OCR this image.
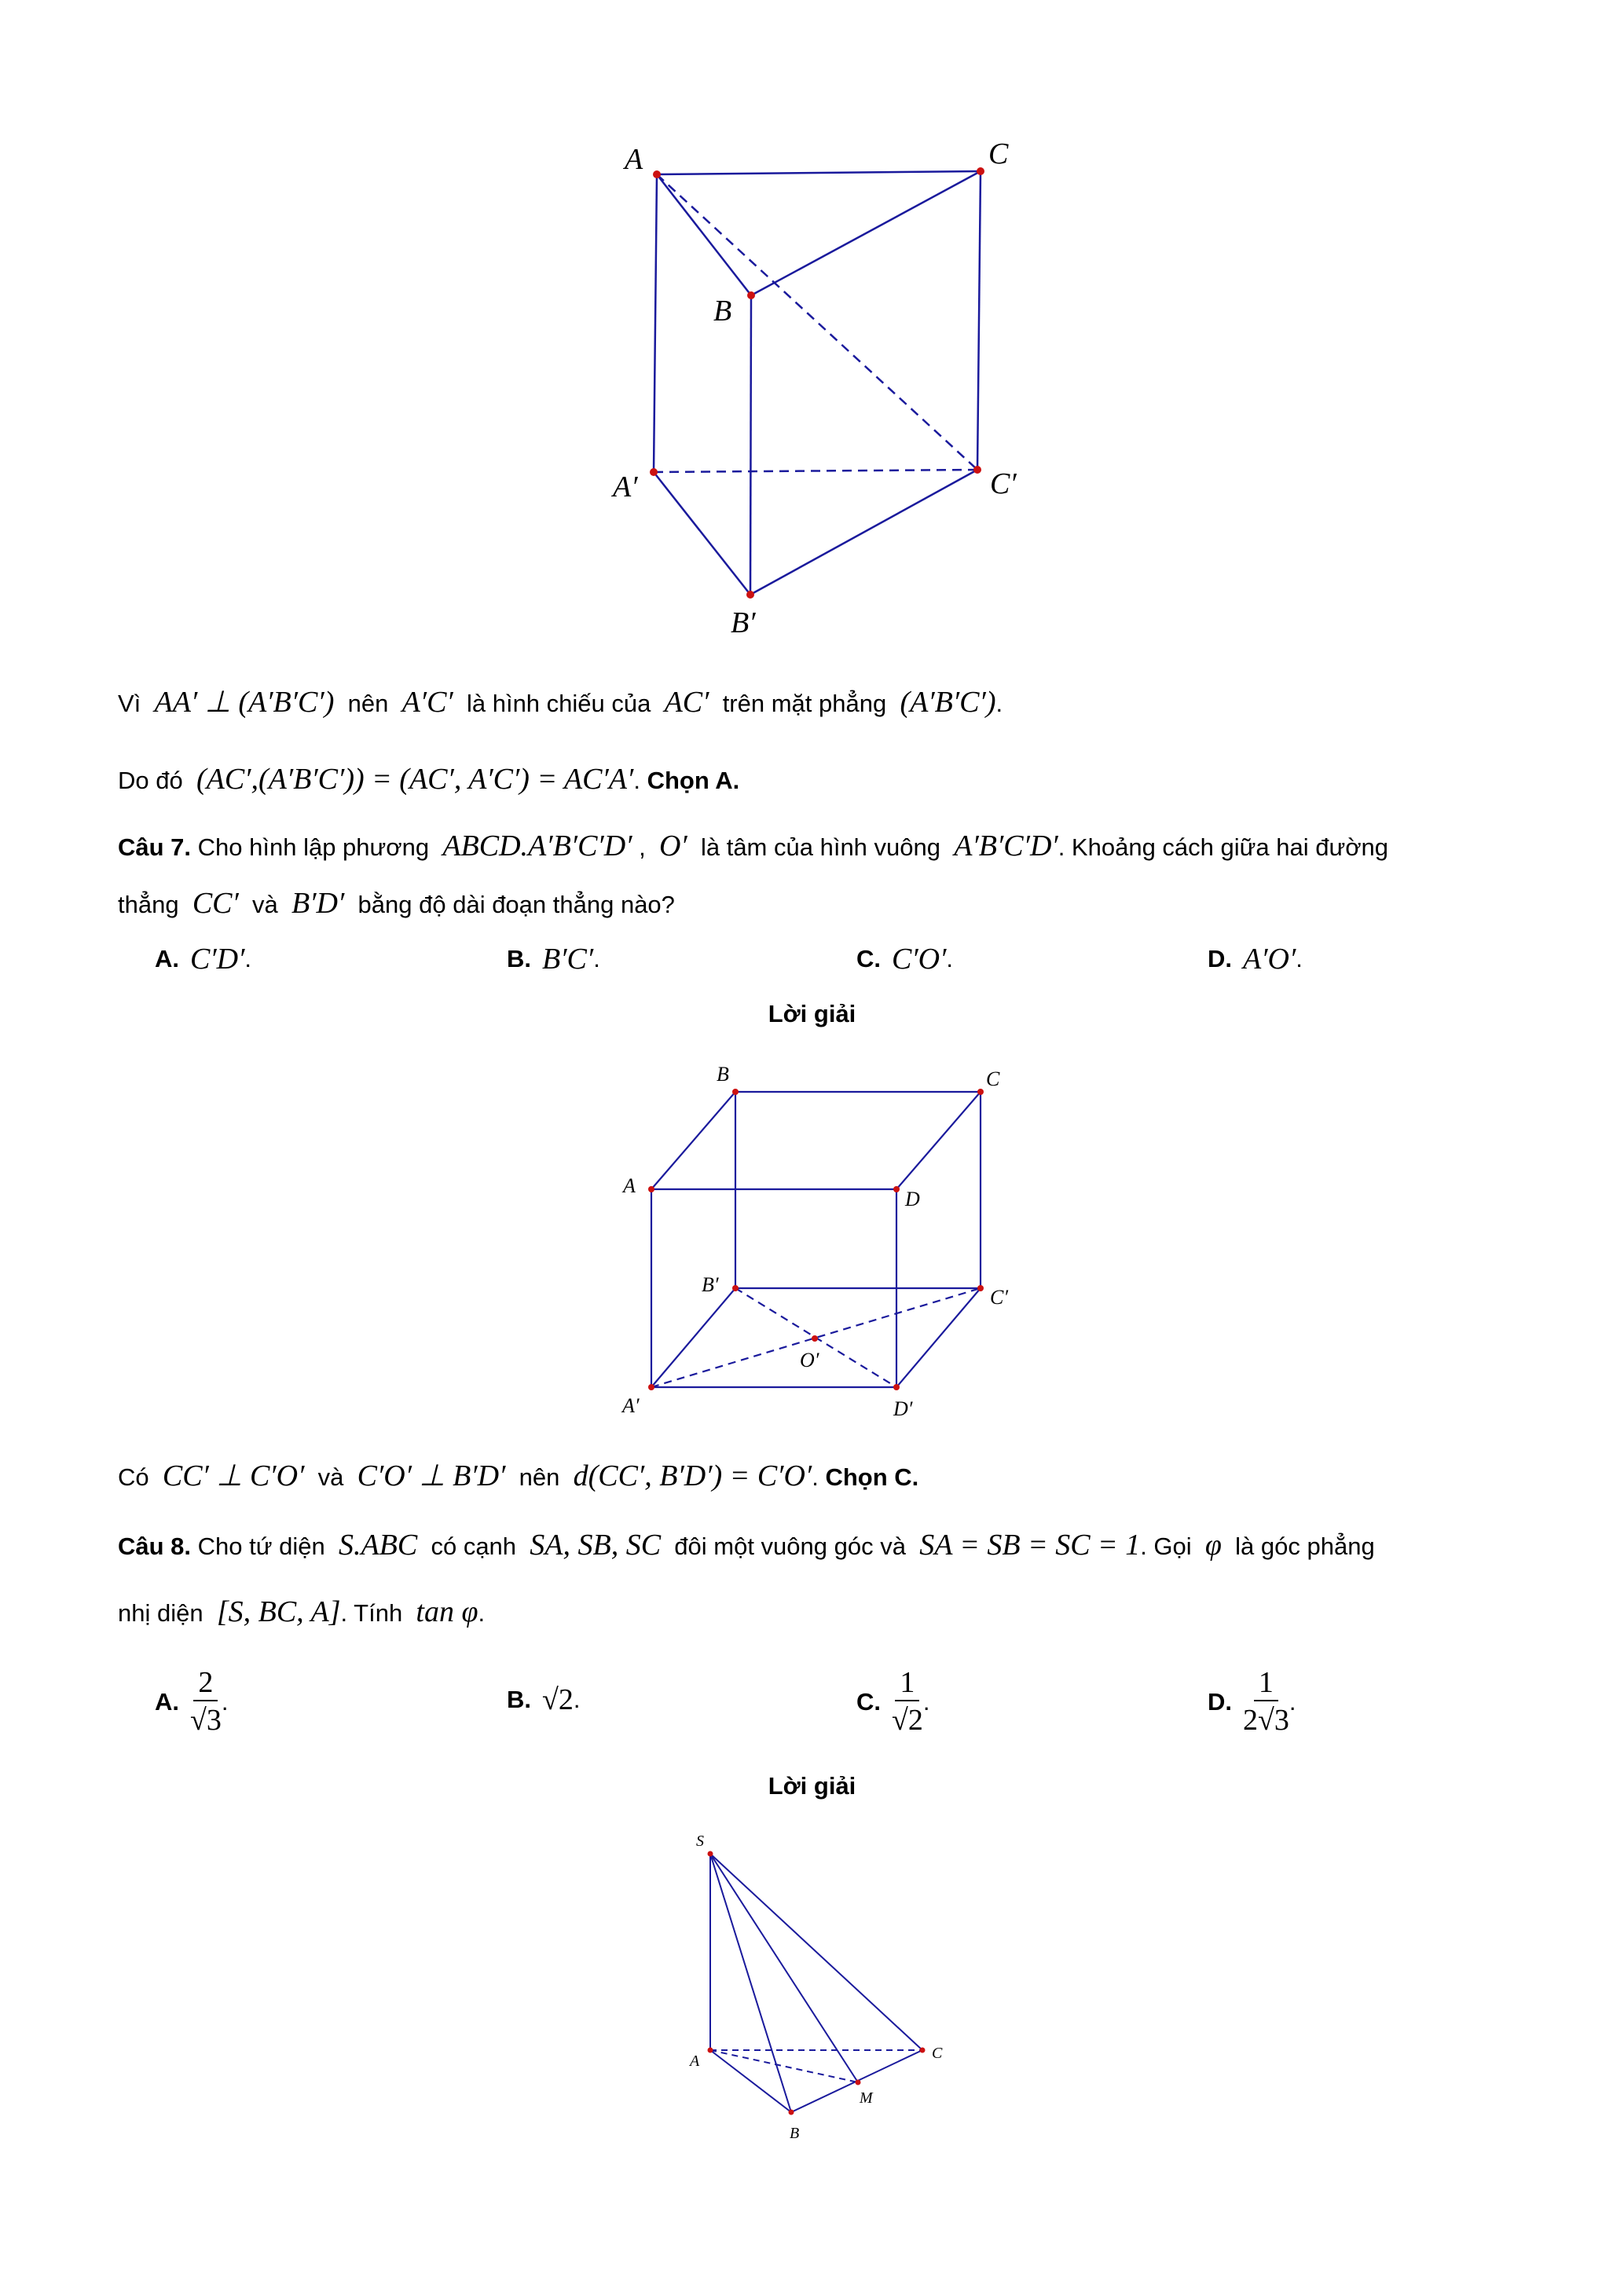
A	C
B
A′	C′
B′
B	C
A
D
B′
C′
O′
A′	D′
S
A	C
M
B
Vì  AA′ ⊥ (A′B′C′)  nên  A′C′  là hình chiếu của  AC′  trên mặt phẳng  (A′B′C′).
Do đó  (AC′,(A′B′C′)) = (AC′, A′C′) = AC′A′. Chọn A.
Câu 7. Cho hình lập phương  ABCD.A′B′C′D′ ,  O′  là tâm của hình vuông  A′B′C′D′. Khoảng cách giữa hai đường
thẳng  CC′  và  B′D′  bằng độ dài đoạn thẳng nào?
A. C′D′ .	B. B′C′ .	C. C′O′ .	D. A′O′ .
Lời giải
Có  CC′ ⊥ C′O′  và  C′O′ ⊥ B′D′  nên  d(CC′, B′D′) = C′O′. Chọn C.
Câu 8. Cho tứ diện  S.ABC  có cạnh  SA, SB, SC  đôi một vuông góc và  SA = SB = SC = 1. Gọi  φ  là góc phẳng
nhị diện  [S, BC, A]. Tính  tan φ.
A. $\frac{2}{√3}$ .	B. √2 .	C. $\frac{1}{√2}$ .	D. $\frac{1}{2√3}$ .
Lời giải
